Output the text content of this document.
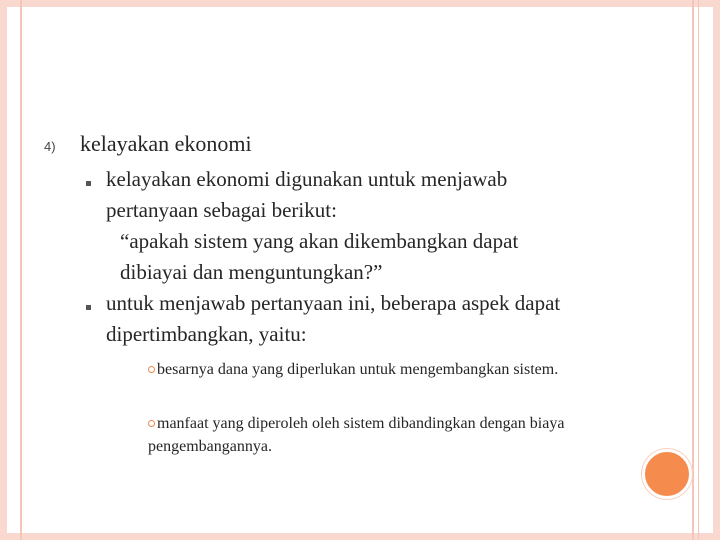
4) kelayakan ekonomi
kelayakan ekonomi digunakan untuk menjawab pertanyaan sebagai berikut:
“apakah sistem yang akan dikembangkan dapat dibiayai dan menguntungkan?”
untuk menjawab pertanyaan ini, beberapa aspek dapat dipertimbangkan, yaitu:
besarnya dana yang diperlukan untuk mengembangkan sistem.
manfaat yang diperoleh oleh sistem dibandingkan dengan biaya pengembangannya.
